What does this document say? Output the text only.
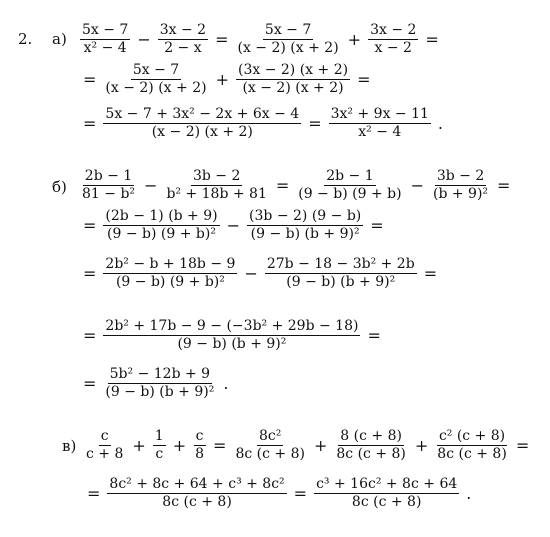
2. а)
б)
в)
$\frac{5x - 7}{\text{x² − 4}} - \frac{3x - 2}{2 - x} = \frac{5x - 7}{(x - 2) (x + 2)} + \frac{3x - 2}{x - 2}$ =
= $\frac{5x - 7}{(x - 2) (x + 2)} + \frac{(3x - 2) (x + 2)}{(x - 2) (x + 2)}$ =
= $\frac{\text{5x − 7 + 3x² − 2x + 6x − 4}}{(x - 2) (x + 2)} = \frac{\text{3x² + 9x − 11}}{\text{x² − 4}}$ .
$\frac{2b - 1}{\text{81 − b²}} - \frac{3b - 2}{\text{b² + 18b + 81}} = \frac{2b - 1}{(9 - b) (9 + b)} - \frac{3b - 2}{\text{(b + 9)²}}$ =
= $\frac{(2b - 1) (b + 9)}{\text{(9 − b) (9 + b)²}} - \frac{(3b - 2) (9 - b)}{\text{(9 − b) (b + 9)²}}$ =
= $\frac{\text{2b² − b + 18b − 9}}{\text{(9 − b) (9 + b)²}} - \frac{\text{27b − 18 − 3b² + 2b}}{\text{(9 − b) (b + 9)²}}$ =
= $\frac{\text{2b² + 17b − 9 − (−3b² + 29b − 18)}}{\text{(9 − b) (b + 9)²}}$ =
= $\frac{\text{5b² − 12b + 9}}{\text{(9 − b) (b + 9)²}}$ .
$\frac{c}{c + 8} + \frac{1}{c} + \frac{c}{8} = \frac{\text{8c²}}{8c (c + 8)} + \frac{8 (c + 8)}{8c (c + 8)} + \frac{\text{c² (c + 8)}}{8c (c + 8)}$ =
= $\frac{\text{8c² + 8c + 64 + c³ + 8c²}}{8c (c + 8)} = \frac{\text{c³ + 16c² + 8c + 64}}{8c (c + 8)}$ .
